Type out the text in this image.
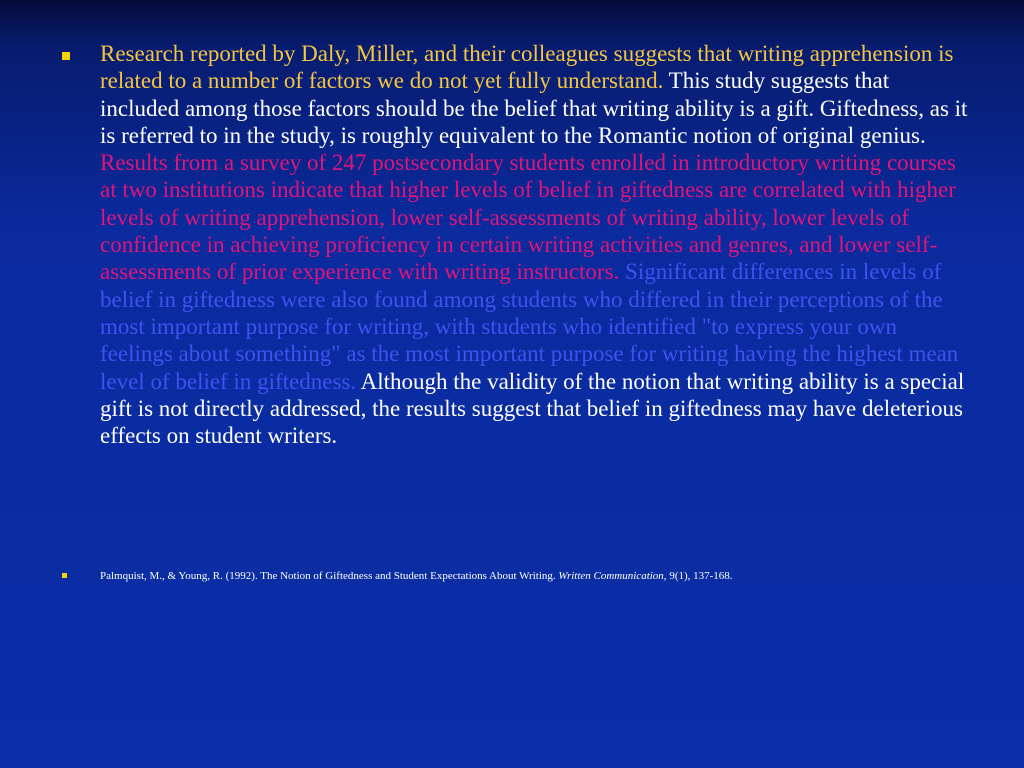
Research reported by Daly, Miller, and their colleagues suggests that writing apprehension is related to a number of factors we do not yet fully understand. This study suggests that included among those factors should be the belief that writing ability is a gift. Giftedness, as it is referred to in the study, is roughly equivalent to the Romantic notion of original genius. Results from a survey of 247 postsecondary students enrolled in introductory writing courses at two institutions indicate that higher levels of belief in giftedness are correlated with higher levels of writing apprehension, lower self-assessments of writing ability, lower levels of confidence in achieving proficiency in certain writing activities and genres, and lower self-assessments of prior experience with writing instructors. Significant differences in levels of belief in giftedness were also found among students who differed in their perceptions of the most important purpose for writing, with students who identified "to express your own feelings about something" as the most important purpose for writing having the highest mean level of belief in giftedness. Although the validity of the notion that writing ability is a special gift is not directly addressed, the results suggest that belief in giftedness may have deleterious effects on student writers.

Palmquist, M., & Young, R. (1992). The Notion of Giftedness and Student Expectations About Writing. Written Communication, 9(1), 137-168.
